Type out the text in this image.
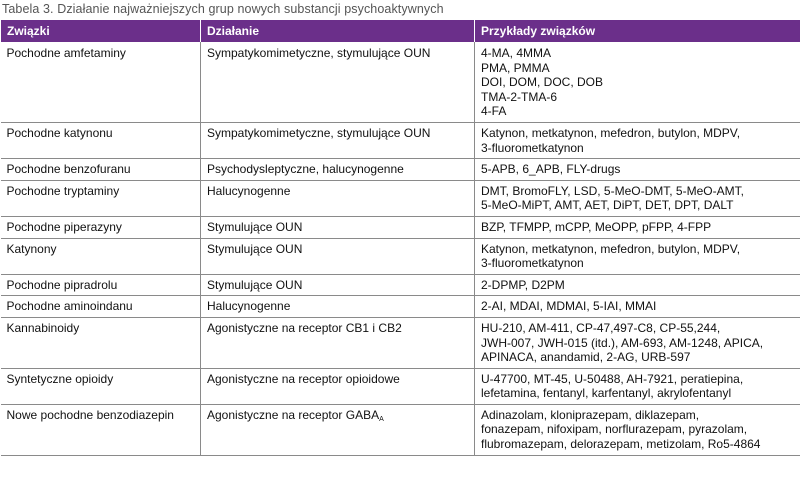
Tabela 3. Działanie najważniejszych grup nowych substancji psychoaktywnych
Związki	Działanie	Przykłady związków
Pochodne amfetaminy	Sympatykomimetyczne, stymulujące OUN	4-MA, 4MMA
PMA, PMMA
DOI, DOM, DOC, DOB
TMA-2-TMA-6
4-FA

Pochodne katynonu	Sympatykomimetyczne, stymulujące OUN	Katynon, metkatynon, mefedron, butylon, MDPV,
3-fluorometkatynon

Pochodne benzofuranu	Psychodysleptyczne, halucynogenne	5-APB, 6_APB, FLY-drugs

Pochodne tryptaminy	Halucynogenne	DMT, BromoFLY, LSD, 5-MeO-DMT, 5-MeO-AMT,
5-MeO-MiPT, AMT, AET, DiPT, DET, DPT, DALT

Pochodne piperazyny	Stymulujące OUN	BZP, TFMPP, mCPP, MeOPP, pFPP, 4-FPP

Katynony	Stymulujące OUN	Katynon, metkatynon, mefedron, butylon, MDPV,
3-fluorometkatynon

Pochodne pipradrolu	Stymulujące OUN	2-DPMP, D2PM

Pochodne aminoindanu	Halucynogenne	2-AI, MDAI, MDMAI, 5-IAI, MMAI

Kannabinoidy	Agonistyczne na receptor CB1 i CB2	HU-210, AM-411, CP-47,497-C8, CP-55,244,
JWH-007, JWH-015 (itd.), AM-693, AM-1248, APICA,
APINACA, anandamid, 2-AG, URB-597

Syntetyczne opioidy	Agonistyczne na receptor opioidowe	U-47700, MT-45, U-50488, AH-7921, peratiepina,
lefetamina, fentanyl, karfentanyl, akrylofentanyl

Nowe pochodne benzodiazepin	Agonistyczne na receptor $GABA_A$	Adinazolam, kloniprazepam, diklazepam,
fonazepam, nifoxipam, norflurazepam, pyrazolam,
flubromazepam, delorazepam, metizolam, Ro5-4864
